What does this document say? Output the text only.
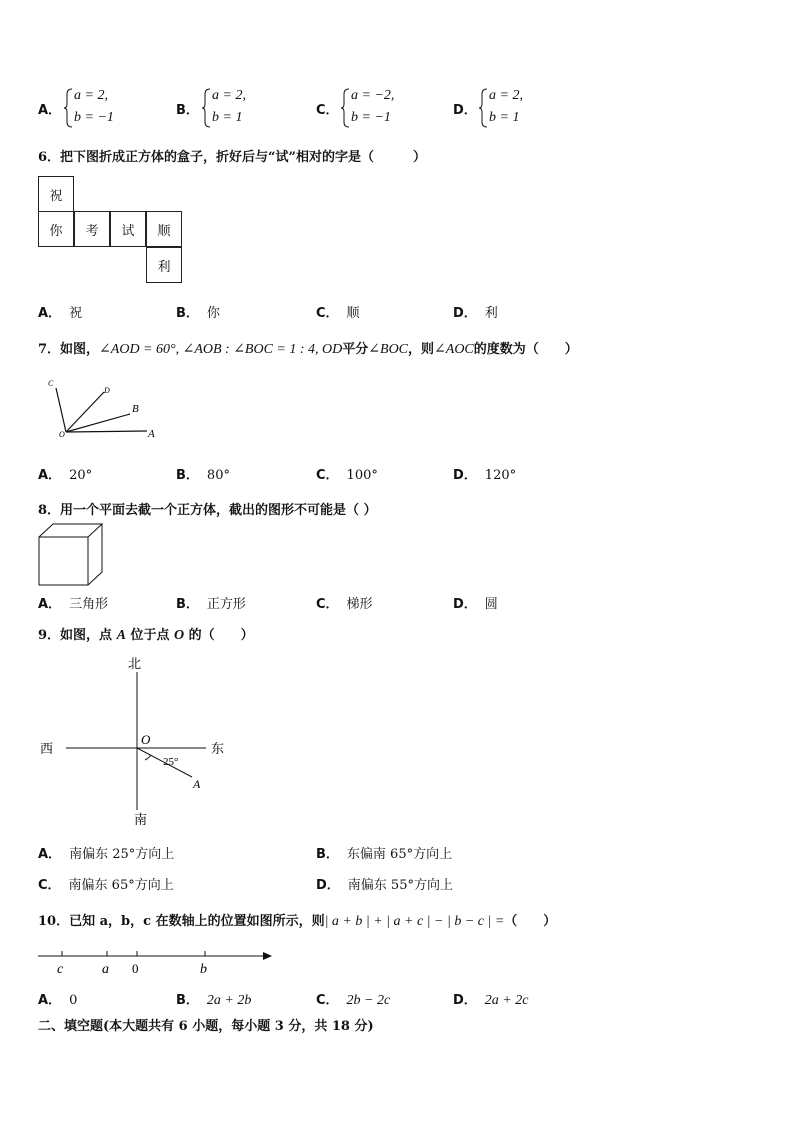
A．
a = 2,
b = −1	B．
a = 2,
b = 1	C．
a = −2,
b = −1	D．
a = 2,
b = 1
6．把下图折成正方体的盒子，折好后与“试”相对的字是（　　　）
祝
你	考	试	顺
利
A． 祝	B． 你	C． 顺	D． 利
7．如图，∠AOD = 60°, ∠AOB : ∠BOC = 1 : 4, OD平分∠BOC，则∠AOC的度数为（　　）
C
D
B
O	A
A． 20°	B． 80°	C． 100°	D． 120°
8．用一个平面去截一个正方体，截出的图形不可能是（ ）
A． 三角形	B． 正方形	C． 梯形	D． 圆
9．如图，点 A 位于点 O 的（　　）
北
南
西	东
O
25°
A
A． 南偏东 25°方向上	B． 东偏南 65°方向上
C． 南偏东 65°方向上	D． 南偏东 55°方向上
10．已知 a，b，c 在数轴上的位置如图所示，则| a + b | + | a + c | − | b − c | =（　　）
c	a 0	b
A． 0	B． 2a + 2b	C． 2b − 2c	D． 2a + 2c
二、填空题(本大题共有 6 小题，每小题 3 分，共 18 分)
